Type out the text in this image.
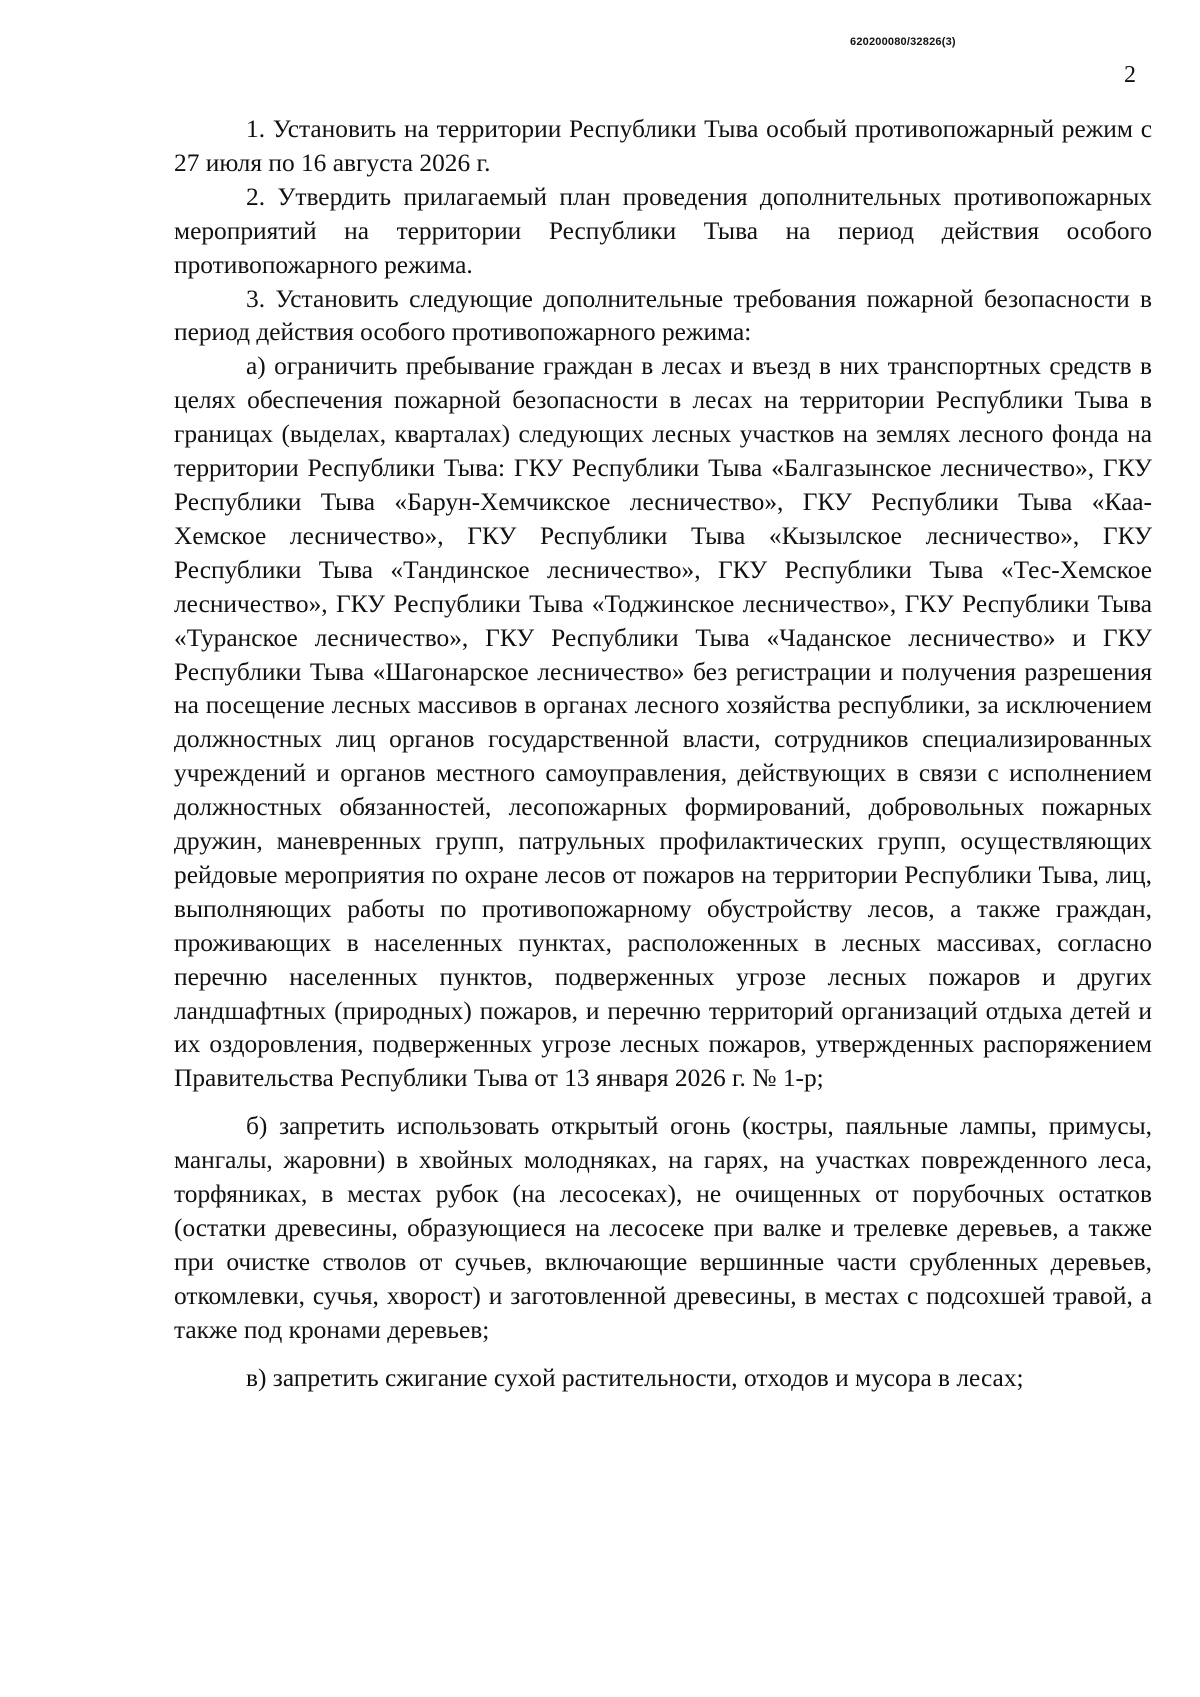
620200080/32826(3)
2

1. Установить на территории Республики Тыва особый противопожарный режим с 27 июля по 16 августа 2026 г.

2. Утвердить прилагаемый план проведения дополнительных противопожарных мероприятий на территории Республики Тыва на период действия особого противопожарного режима.

3. Установить следующие дополнительные требования пожарной безопасности в период действия особого противопожарного режима:

а) ограничить пребывание граждан в лесах и въезд в них транспортных средств в целях обеспечения пожарной безопасности в лесах на территории Республики Тыва в границах (выделах, кварталах) следующих лесных участков на землях лесного фонда на территории Республики Тыва: ГКУ Республики Тыва «Балгазынское лесничество», ГКУ Республики Тыва «Барун-Хемчикское лесничество», ГКУ Республики Тыва «Каа-Хемское лесничество», ГКУ Республики Тыва «Кызылское лесничество», ГКУ Республики Тыва «Тандинское лесничество», ГКУ Республики Тыва «Тес-Хемское лесничество», ГКУ Республики Тыва «Тоджинское лесничество», ГКУ Республики Тыва «Туранское лесничество», ГКУ Республики Тыва «Чаданское лесничество» и ГКУ Республики Тыва «Шагонарское лесничество» без регистрации и получения разрешения на посещение лесных массивов в органах лесного хозяйства республики, за исключением должностных лиц органов государственной власти, сотрудников специализированных учреждений и органов местного самоуправления, действующих в связи с исполнением должностных обязанностей, лесопожарных формирований, добровольных пожарных дружин, маневренных групп, патрульных профилактических групп, осуществляющих рейдовые мероприятия по охране лесов от пожаров на территории Республики Тыва, лиц, выполняющих работы по противопожарному обустройству лесов, а также граждан, проживающих в населенных пунктах, расположенных в лесных массивах, согласно перечню населенных пунктов, подверженных угрозе лесных пожаров и других ландшафтных (природных) пожаров, и перечню территорий организаций отдыха детей и их оздоровления, подверженных угрозе лесных пожаров, утвержденных распоряжением Правительства Республики Тыва от 13 января 2026 г. № 1-р;

б) запретить использовать открытый огонь (костры, паяльные лампы, примусы, мангалы, жаровни) в хвойных молодняках, на гарях, на участках поврежденного леса, торфяниках, в местах рубок (на лесосеках), не очищенных от порубочных остатков (остатки древесины, образующиеся на лесосеке при валке и трелевке деревьев, а также при очистке стволов от сучьев, включающие вершинные части срубленных деревьев, откомлевки, сучья, хворост) и заготовленной древесины, в местах с подсохшей травой, а также под кронами деревьев;

в) запретить сжигание сухой растительности, отходов и мусора в лесах;
